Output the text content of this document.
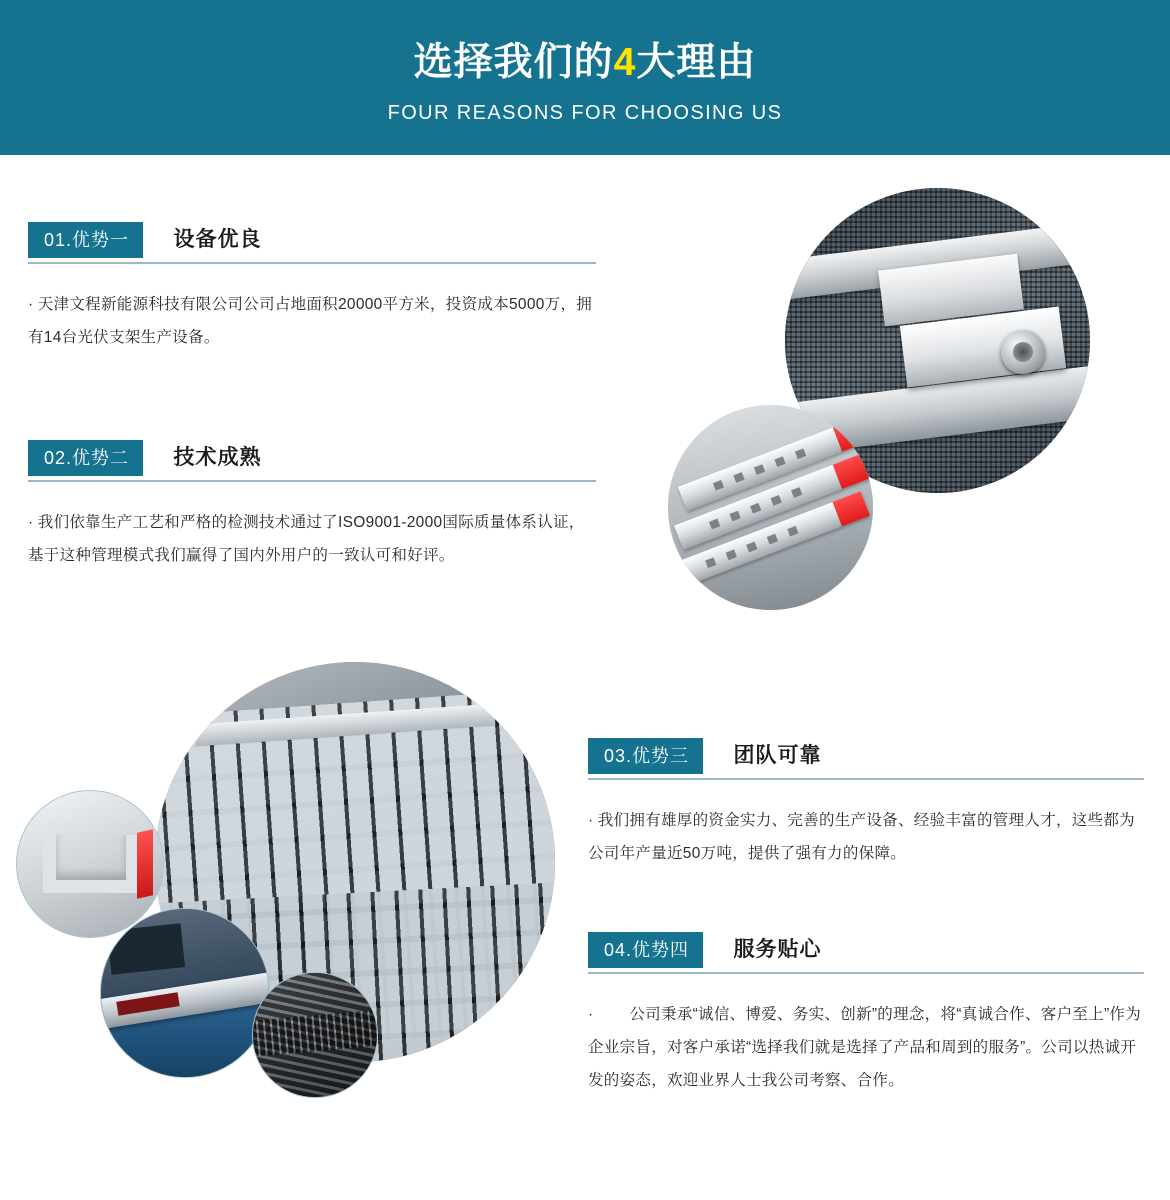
选择我们的4大理由
FOUR REASONS FOR CHOOSING US
01.优势一 设备优良
· 天津文程新能源科技有限公司公司占地面积20000平方米，投资成本5000万，拥有14台光伏支架生产设备。
02.优势二 技术成熟
· 我们依靠生产工艺和严格的检测技术通过了ISO9001-2000国际质量体系认证，基于这种管理模式我们赢得了国内外用户的一致认可和好评。
03.优势三 团队可靠
· 我们拥有雄厚的资金实力、完善的生产设备、经验丰富的管理人才，这些都为公司年产量近50万吨，提供了强有力的保障。
04.优势四 服务贴心
· 　　公司秉承“诚信、博爱、务实、创新”的理念，将“真诚合作、客户至上”作为企业宗旨，对客户承诺“选择我们就是选择了产品和周到的服务”。公司以热诚开发的姿态，欢迎业界人士我公司考察、合作。
